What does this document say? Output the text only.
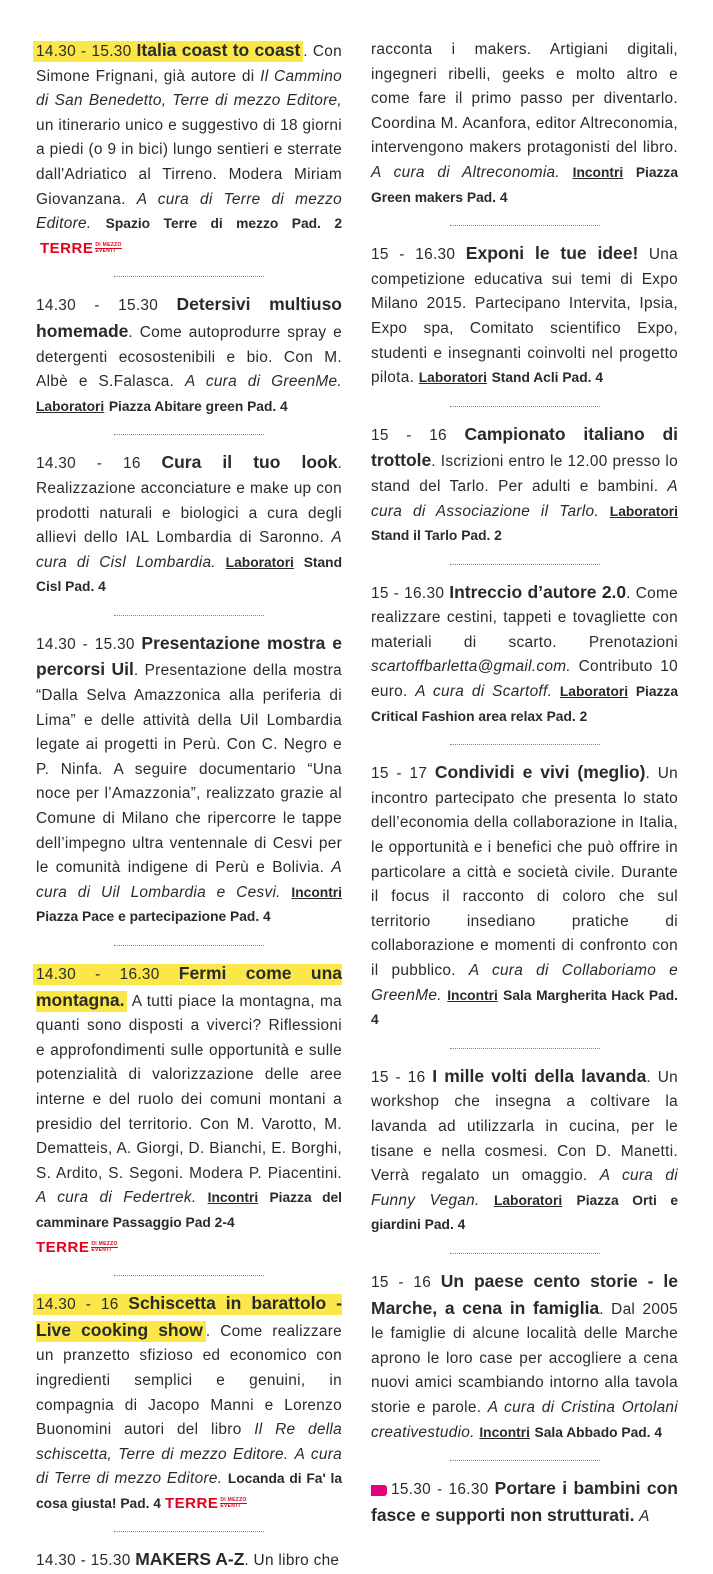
14.30 - 15.30 Italia coast to coast . Con Simone Frignani, già autore di Il Cammino di San Benedetto, Terre di mezzo Editore, un itinerario unico e suggestivo di 18 giorni a piedi (o 9 in bici) lungo sentieri e sterrate dall'Adriatico al Tirreno. Modera Miriam Giovanzana. A cura di Terre di mezzo Editore. Spazio Terre di mezzo Pad. 2
TERRE DI MEZZO
EVENTI
14.30 - 15.30 Detersivi multiuso homemade. Come autoprodurre spray e detergenti ecosostenibili e bio. Con M. Albè e S.Falasca. A cura di GreenMe. Laboratori Piazza Abitare green Pad. 4
14.30 - 16 Cura il tuo look. Realizzazione acconciature e make up con prodotti naturali e biologici a cura degli allievi dello IAL Lombardia di Saronno. A cura di Cisl Lombardia. Laboratori Stand Cisl Pad. 4
14.30 - 15.30 Presentazione mostra e percorsi Uil. Presentazione della mostra “Dalla Selva Amazzonica alla periferia di Lima” e delle attività della Uil Lombardia legate ai progetti in Perù. Con C. Negro e P. Ninfa. A seguire documentario “Una noce per l’Amazzonia”, realizzato grazie al Comune di Milano che ripercorre le tappe dell’impegno ultra ventennale di Cesvi per le comunità indigene di Perù e Bolivia. A cura di Uil Lombardia e Cesvi. Incontri Piazza Pace e partecipazione Pad. 4
14.30 - 16.30 Fermi come una montagna. A tutti piace la montagna, ma quanti sono disposti a viverci? Riflessioni e approfondimenti sulle opportunità e sulle potenzialità di valorizzazione delle aree interne e del ruolo dei comuni montani a presidio del territorio. Con M. Varotto, M. Dematteis, A. Giorgi, D. Bianchi, E. Borghi, S. Ardito, S. Segoni. Modera P. Piacentini. A cura di Federtrek. Incontri Piazza del camminare Passaggio Pad 2-4

TERRE DI MEZZO
EVENTI
14.30 - 16 Schiscetta in barattolo - Live cooking show . Come realizzare un pranzetto sfizioso ed economico con ingredienti semplici e genuini, in compagnia di Jacopo Manni e Lorenzo Buonomini autori del libro Il Re della schiscetta, Terre di mezzo Editore. A cura di Terre di mezzo Editore. Locanda di Fa' la cosa giusta! Pad. 4 TERRE DI MEZZO
EVENTI
14.30 - 15.30 MAKERS A-Z. Un libro che
racconta i makers. Artigiani digitali, ingegneri ribelli, geeks e molto altro e come fare il primo passo per diventarlo. Coordina M. Acanfora, editor Altreconomia, intervengono makers protagonisti del libro. A cura di Altreconomia. Incontri Piazza Green makers Pad. 4
15 - 16.30 Exponi le tue idee! Una competizione educativa sui temi di Expo Milano 2015. Partecipano Intervita, Ipsia, Expo spa, Comitato scientifico Expo, studenti e insegnanti coinvolti nel progetto pilota. Laboratori Stand Acli Pad. 4
15 - 16 Campionato italiano di trottole. Iscrizioni entro le 12.00 presso lo stand del Tarlo. Per adulti e bambini. A cura di Associazione il Tarlo. Laboratori Stand il Tarlo Pad. 2
15 - 16.30 Intreccio d’autore 2.0. Come realizzare cestini, tappeti e tovagliette con materiali di scarto. Prenotazioni scartoffbarletta@gmail.com. Contributo 10 euro. A cura di Scartoff. Laboratori Piazza Critical Fashion area relax Pad. 2
15 - 17 Condividi e vivi (meglio). Un incontro partecipato che presenta lo stato dell’economia della collaborazione in Italia, le opportunità e i benefici che può offrire in particolare a città e società civile. Durante il focus il racconto di coloro che sul territorio insediano pratiche di collaborazione e momenti di confronto con il pubblico. A cura di Collaboriamo e GreenMe. Incontri Sala Margherita Hack Pad. 4
15 - 16 I mille volti della lavanda. Un workshop che insegna a coltivare la lavanda ad utilizzarla in cucina, per le tisane e nella cosmesi. Con D. Manetti. Verrà regalato un omaggio. A cura di Funny Vegan. Laboratori Piazza Orti e giardini Pad. 4
15 - 16 Un paese cento storie - le Marche, a cena in famiglia. Dal 2005 le famiglie di alcune località delle Marche aprono le loro case per accogliere a cena nuovi amici scambiando intorno alla tavola storie e parole. A cura di Cristina Ortolani creativestudio. Incontri Sala Abbado Pad. 4
15.30 - 16.30 Portare i bambini con fasce e supporti non strutturati. A
